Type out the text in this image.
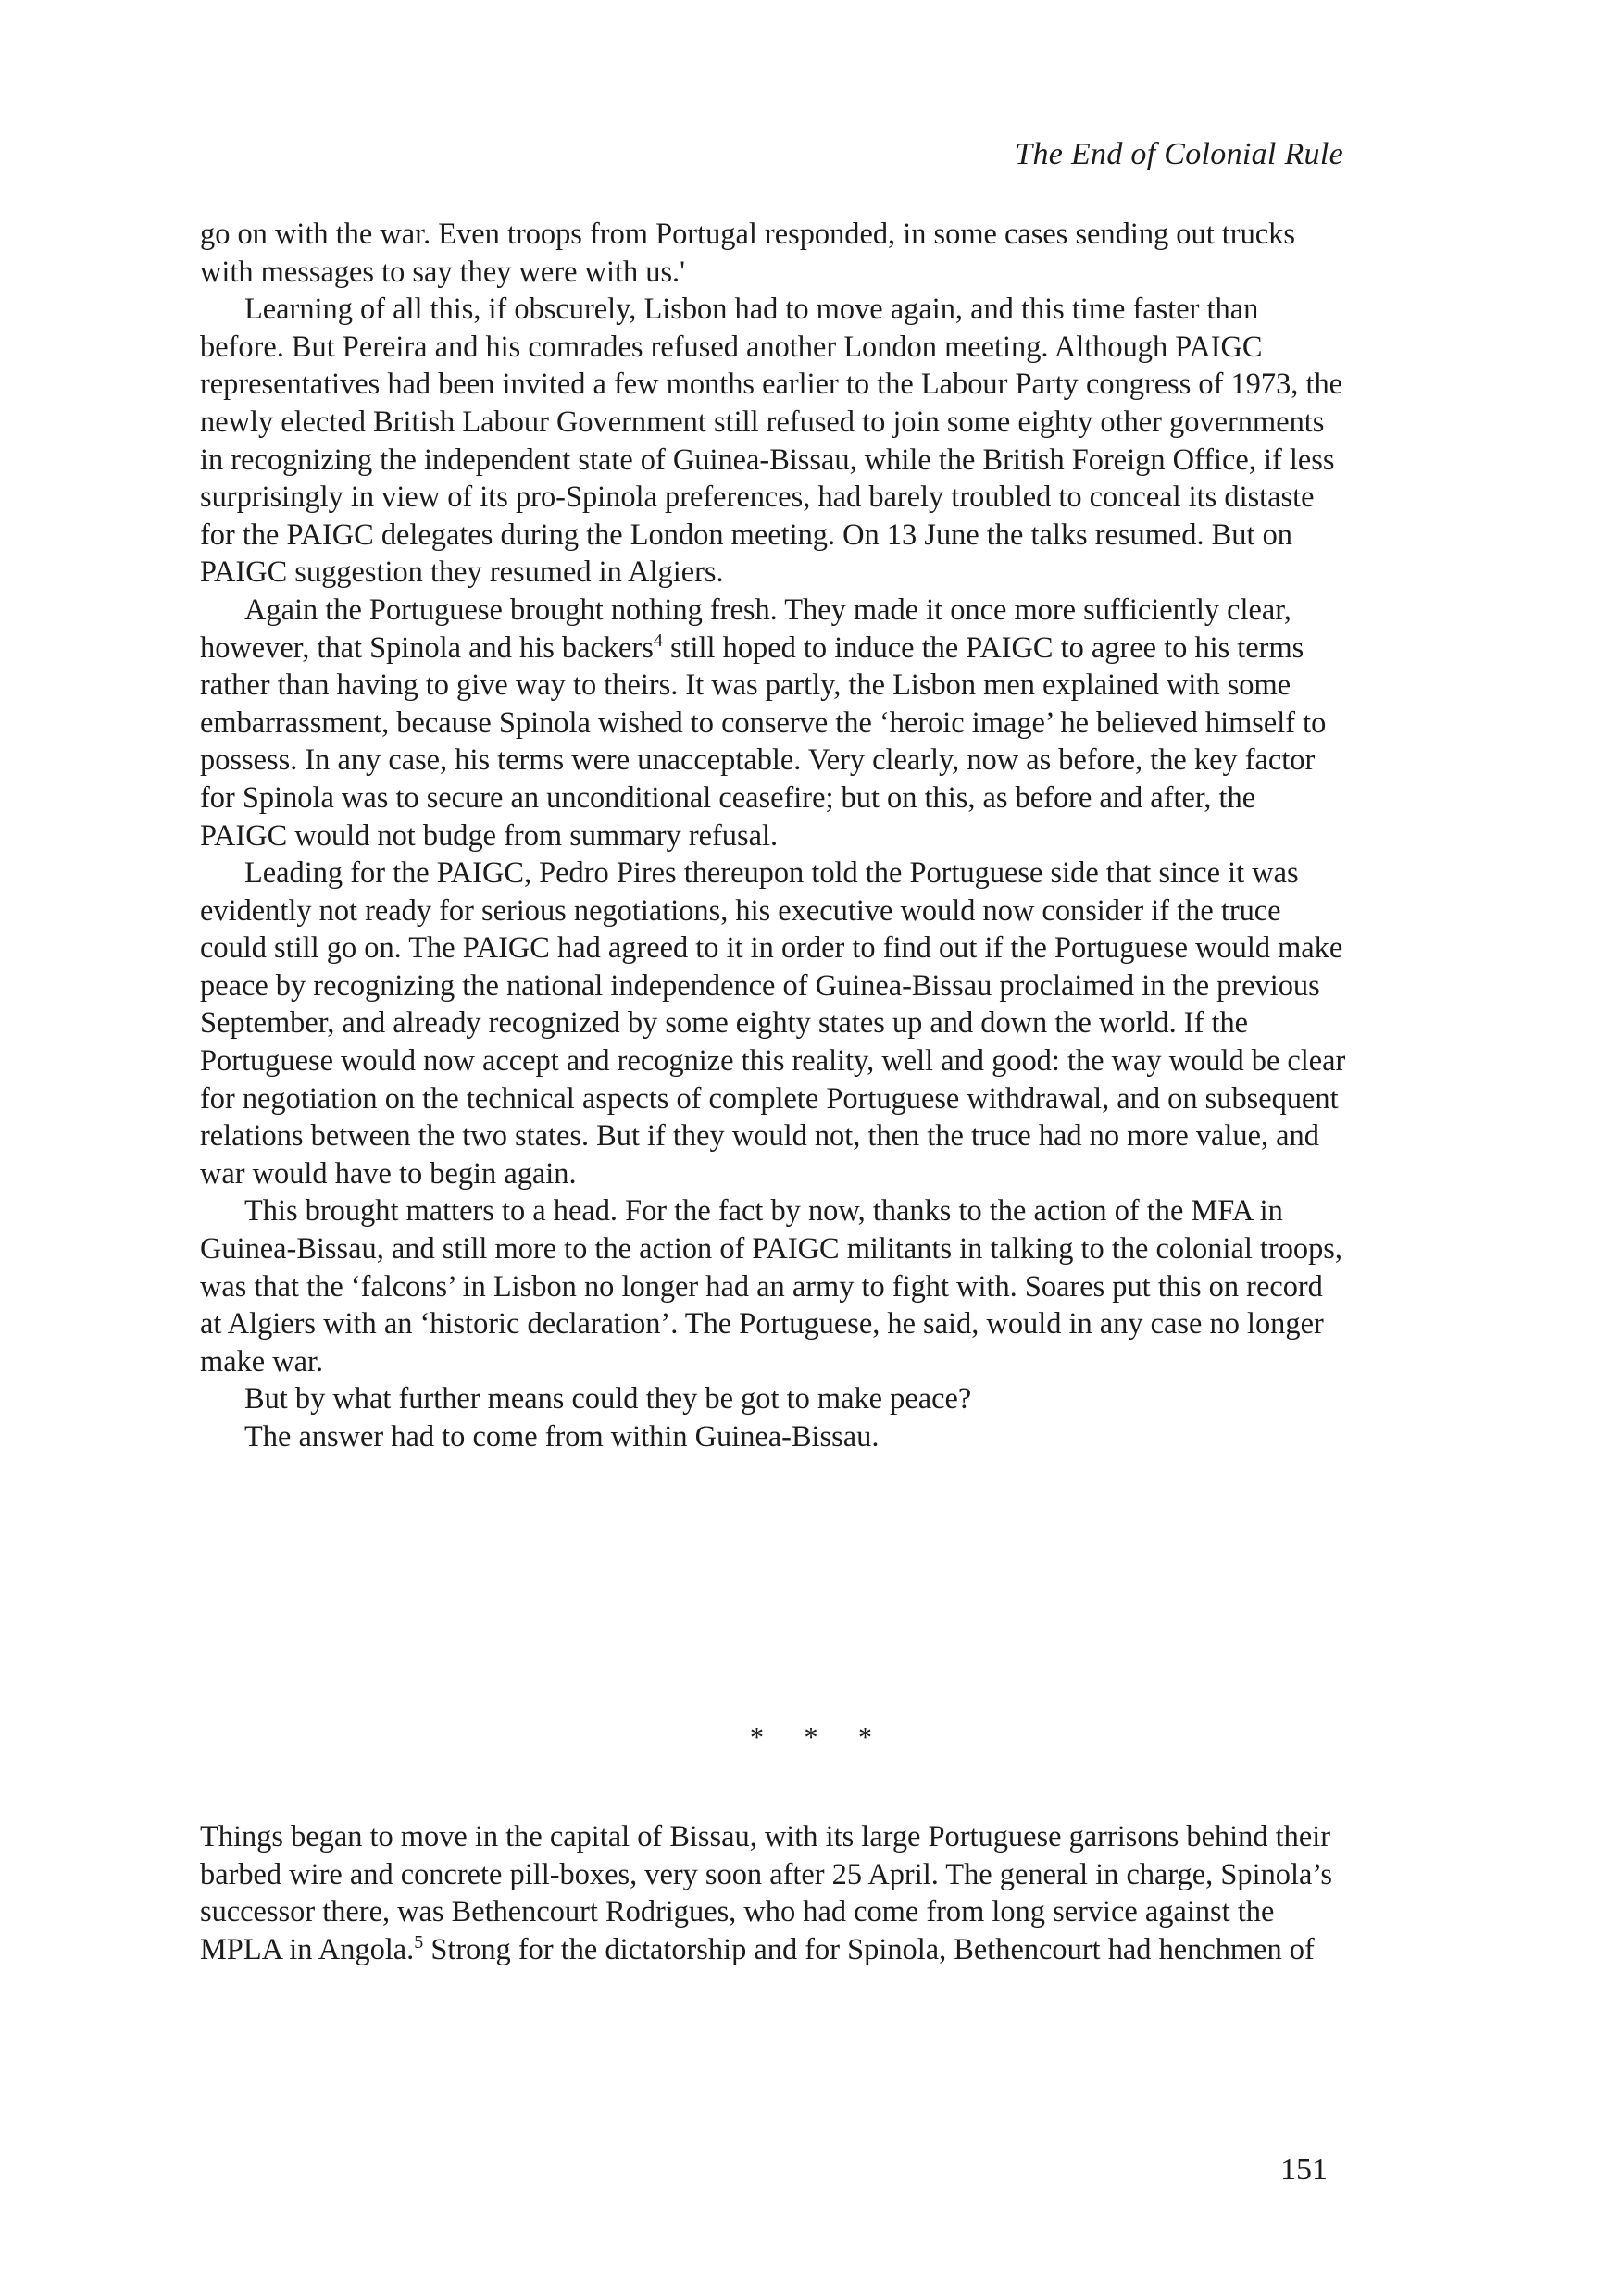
The End of Colonial Rule

go on with the war. Even troops from Portugal responded, in some cases sending out trucks with messages to say they were with us.'

Learning of all this, if obscurely, Lisbon had to move again, and this time faster than before. But Pereira and his comrades refused another London meeting. Although PAIGC representatives had been invited a few months earlier to the Labour Party congress of 1973, the newly elected British Labour Government still refused to join some eighty other governments in recognizing the independent state of Guinea-Bissau, while the British Foreign Office, if less surprisingly in view of its pro-Spinola preferences, had barely troubled to conceal its distaste for the PAIGC delegates during the London meeting. On 13 June the talks resumed. But on PAIGC suggestion they resumed in Algiers.

Again the Portuguese brought nothing fresh. They made it once more sufficiently clear, however, that Spinola and his backers$^4$ still hoped to induce the PAIGC to agree to his terms rather than having to give way to theirs. It was partly, the Lisbon men explained with some embarrassment, because Spinola wished to conserve the ‘heroic image’ he believed himself to possess. In any case, his terms were unacceptable. Very clearly, now as before, the key factor for Spinola was to secure an unconditional ceasefire; but on this, as before and after, the PAIGC would not budge from summary refusal.

Leading for the PAIGC, Pedro Pires thereupon told the Portuguese side that since it was evidently not ready for serious negotiations, his executive would now consider if the truce could still go on. The PAIGC had agreed to it in order to find out if the Portuguese would make peace by recognizing the national independence of Guinea-Bissau proclaimed in the previous September, and already recognized by some eighty states up and down the world. If the Portuguese would now accept and recognize this reality, well and good: the way would be clear for negotiation on the technical aspects of complete Portuguese withdrawal, and on subsequent relations between the two states. But if they would not, then the truce had no more value, and war would have to begin again.

This brought matters to a head. For the fact by now, thanks to the action of the MFA in Guinea-Bissau, and still more to the action of PAIGC militants in talking to the colonial troops, was that the ‘falcons’ in Lisbon no longer had an army to fight with. Soares put this on record at Algiers with an ‘historic declaration’. The Portuguese, he said, would in any case no longer make war.

But by what further means could they be got to make peace?

The answer had to come from within Guinea-Bissau.

* * *

Things began to move in the capital of Bissau, with its large Portuguese garrisons behind their barbed wire and concrete pill-boxes, very soon after 25 April. The general in charge, Spinola’s successor there, was Bethencourt Rodrigues, who had come from long service against the MPLA in Angola.$^5$ Strong for the dictatorship and for Spinola, Bethencourt had henchmen of

151
